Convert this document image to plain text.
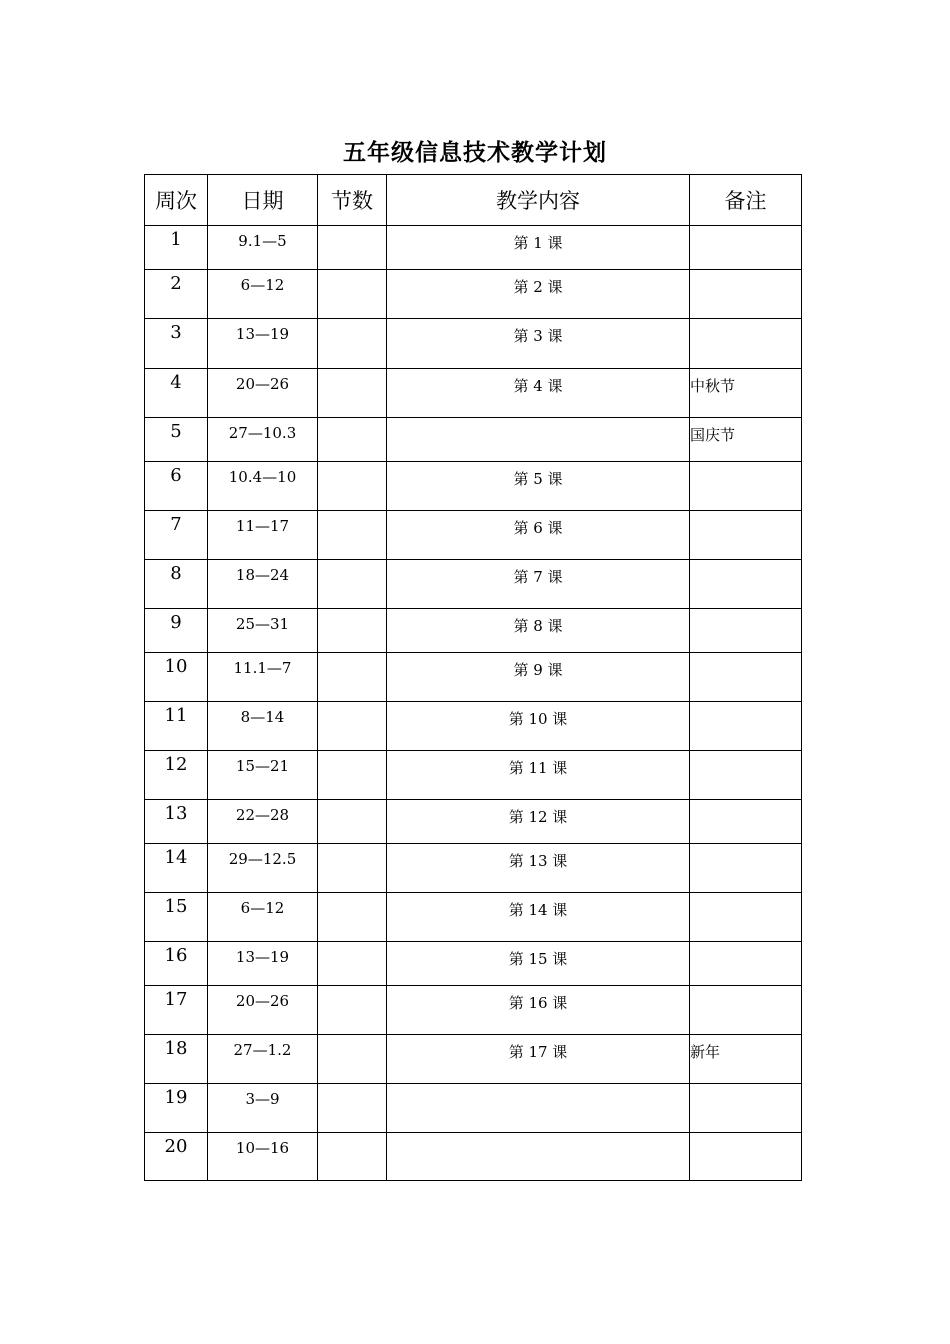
五年级信息技术教学计划
周次	日期	节数	教学内容	备注
1	9.1—5		第 1 课	
2	6—12		第 2 课	
3	13—19		第 3 课	
4	20—26		第 4 课	中秋节
5	27—10.3			国庆节
6	10.4—10		第 5 课	
7	11—17		第 6 课	
8	18—24		第 7 课	
9	25—31		第 8 课	
10	11.1—7		第 9 课	
11	8—14		第 10 课	
12	15—21		第 11 课	
13	22—28		第 12 课	
14	29—12.5		第 13 课	
15	6—12		第 14 课	
16	13—19		第 15 课	
17	20—26		第 16 课	
18	27—1.2		第 17 课	新年
19	3—9			
20	10—16			
